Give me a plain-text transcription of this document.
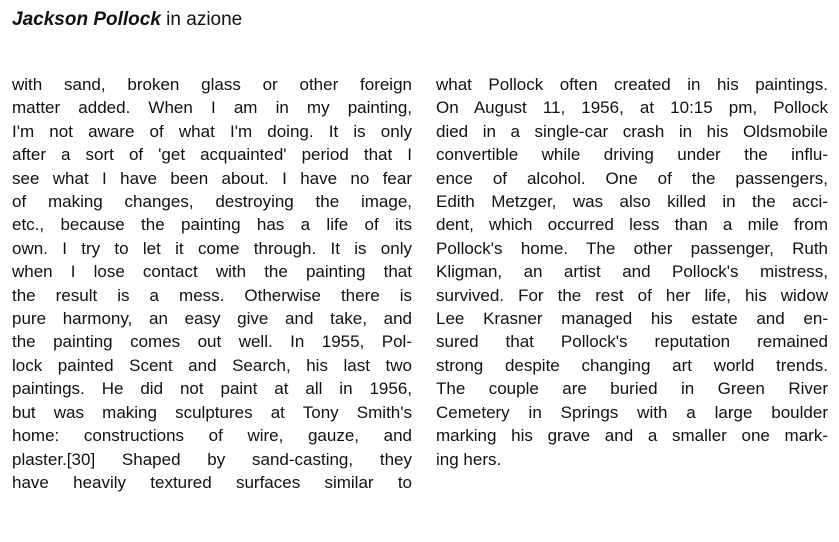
Jackson Pollock in azione
with sand, broken glass or other foreign
matter added. When I am in my painting,
I'm not aware of what I'm doing. It is only
after a sort of 'get acquainted' period that I
see what I have been about. I have no fear
of making changes, destroying the image,
etc., because the painting has a life of its
own. I try to let it come through. It is only
when I lose contact with the painting that
the result is a mess. Otherwise there is
pure harmony, an easy give and take, and
the painting comes out well. In 1955, Pol-
lock painted Scent and Search, his last two
paintings. He did not paint at all in 1956,
but was making sculptures at Tony Smith's
home: constructions of wire, gauze, and
plaster.[30] Shaped by sand-casting, they
have heavily textured surfaces similar to
what Pollock often created in his paintings.
On August 11, 1956, at 10:15 pm, Pollock
died in a single-car crash in his Oldsmobile
convertible while driving under the influ-
ence of alcohol. One of the passengers,
Edith Metzger, was also killed in the acci-
dent, which occurred less than a mile from
Pollock's home. The other passenger, Ruth
Kligman, an artist and Pollock's mistress,
survived. For the rest of her life, his widow
Lee Krasner managed his estate and en-
sured that Pollock's reputation remained
strong despite changing art world trends.
The couple are buried in Green River
Cemetery in Springs with a large boulder
marking his grave and a smaller one mark-
ing hers.
